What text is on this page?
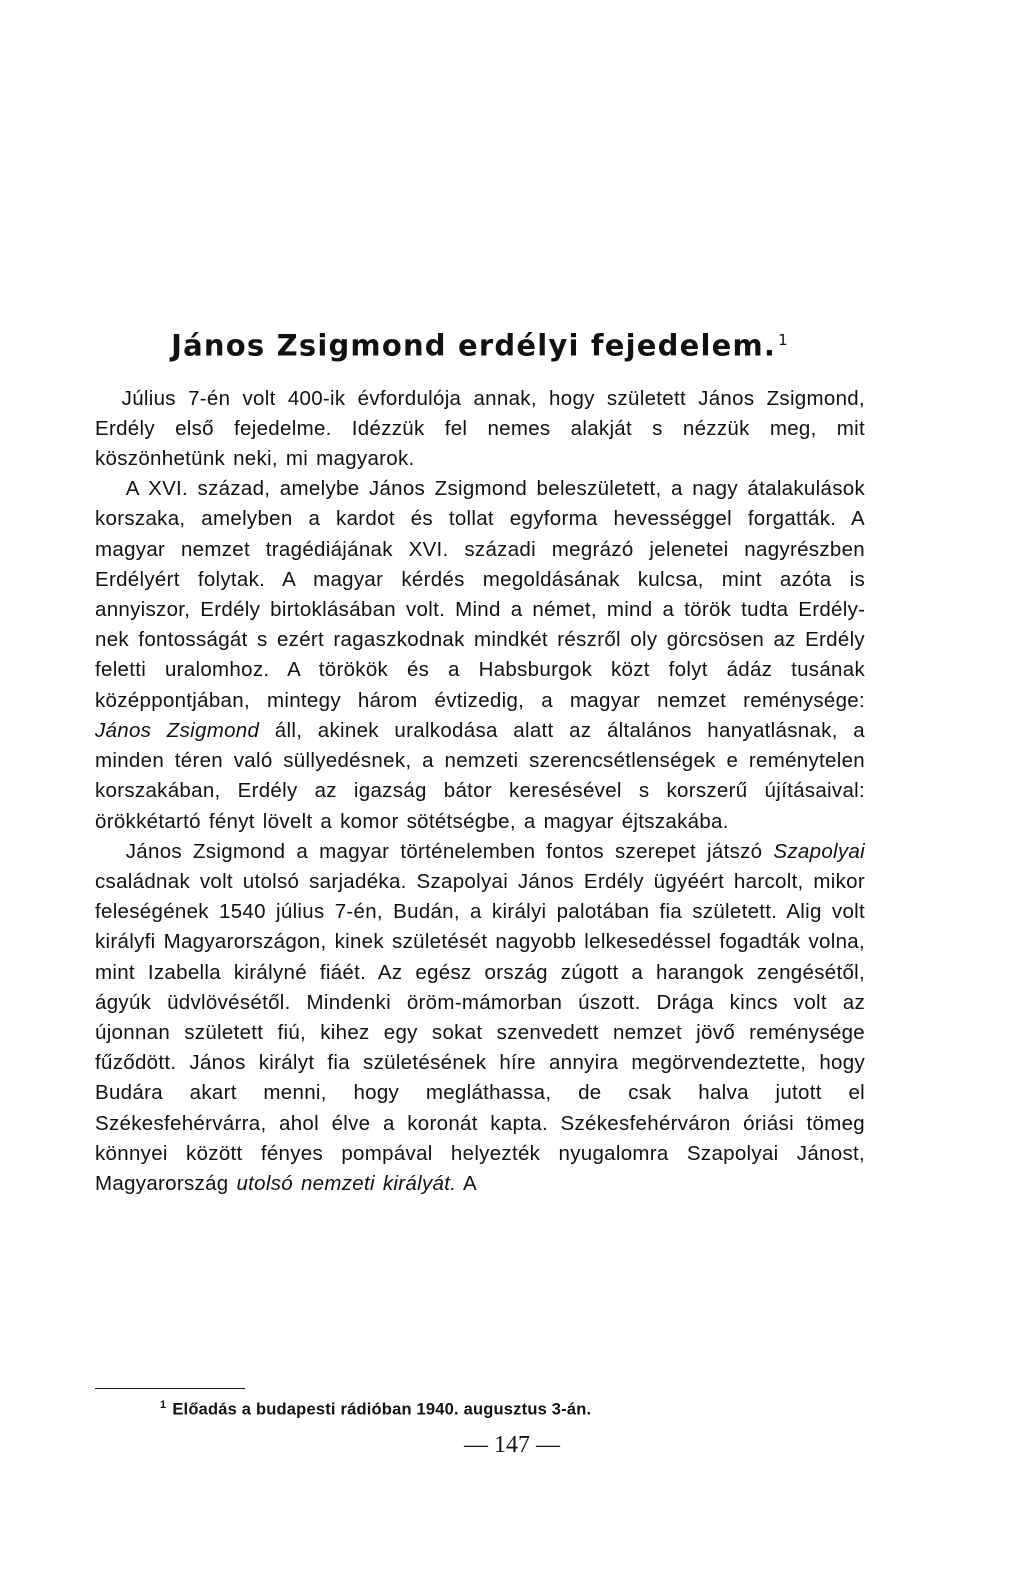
János Zsigmond erdélyi fejedelem. $^1$

Július 7-én volt 400-ik évfordulója annak, hogy született János Zsigmond, Erdély első fejedelme. Idézzük fel nemes alakját s nézzük meg, mit köszönhetünk neki, mi magyarok.

A XVI. század, amelybe János Zsigmond beleszületett, a nagy átalakulások korszaka, amelyben a kardot és tollat egyforma hevességgel forgatták. A magyar nemzet tragédiájának XVI. századi megrázó jelenetei nagyrészben Erdélyért folytak. A magyar kérdés megoldásának kulcsa, mint azóta is annyiszor, Erdély birtoklásában volt. Mind a német, mind a török tudta Erdélynek fontosságát s ezért ragaszkodnak mindkét részről oly görcsösen az Erdély feletti uralomhoz. A törökök és a Habsburgok közt folyt ádáz tusának középpontjában, mintegy három évtizedig, a magyar nemzet reménysége: János Zsigmond áll, akinek uralkodása alatt az általános hanyatlásnak, a minden téren való süllyedésnek, a nemzeti szerencsétlenségek e reménytelen korszakában, Erdély az igazság bátor keresésével s korszerű újításaival: örökkétartó fényt lövelt a komor sötétségbe, a magyar éjtszakába.

János Zsigmond a magyar történelemben fontos szerepet játszó Szapolyai családnak volt utolsó sarjadéka. Szapolyai János Erdély ügyéért harcolt, mikor feleségének 1540 július 7-én, Budán, a királyi palotában fia született. Alig volt királyfi Magyarországon, kinek születését nagyobb lelkesedéssel fogadták volna, mint Izabella királyné fiáét. Az egész ország zúgott a harangok zengésétől, ágyúk üdvlövésétől. Mindenki öröm-mámorban úszott. Drága kincs volt az újonnan született fiú, kihez egy sokat szenvedett nemzet jövő reménysége fűződött. János királyt fia születésének híre annyira megörvendeztette, hogy Budára akart menni, hogy megláthassa, de csak halva jutott el Székesfehérvárra, ahol élve a koronát kapta. Székesfehérváron óriási tömeg könnyei között fényes pompával helyezték nyugalomra Szapolyai Jánost, Magyarország utolsó nemzeti királyát. A

$^1$ Előadás a budapesti rádióban 1940. augusztus 3-án.
— 147 —
